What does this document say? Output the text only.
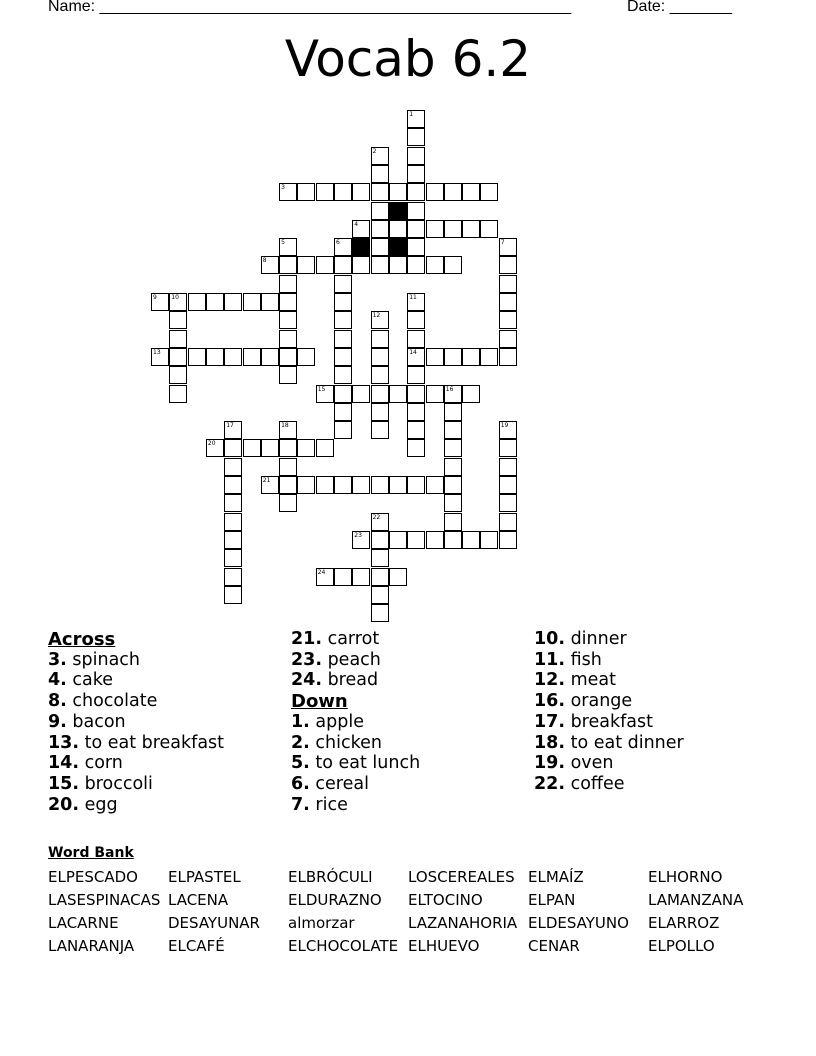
Name: _____________________________________________________	Date: _______
Vocab 6.2
1
2
3
4
5	6	7
8
9 10	11
14
12
13
15	16
17	18	19
20
21
22
23
24
Across
3. spinach
4. cake
8. chocolate
9. bacon
13. to eat breakfast
14. corn
15. broccoli
20. egg
21. carrot
23. peach
24. bread
Down
1. apple
2. chicken
5. to eat lunch
6. cereal
7. rice
10. dinner
11. fish
12. meat
16. orange
17. breakfast
18. to eat dinner
19. oven
22. coffee
Word Bank
ELPESCADO ELPASTEL	ELBRÓCULI LOSCEREALES ELMAÍZ	ELHORNO
LASESPINACAS LACENA	ELDURAZNO ELTOCINO	ELPAN	LAMANZANA
LACARNE	DESAYUNAR almorzar	LAZANAHORIA ELDESAYUNO ELARROZ
LANARANJA ELCAFÉ	ELCHOCOLATE ELHUEVO	CENAR	ELPOLLO
